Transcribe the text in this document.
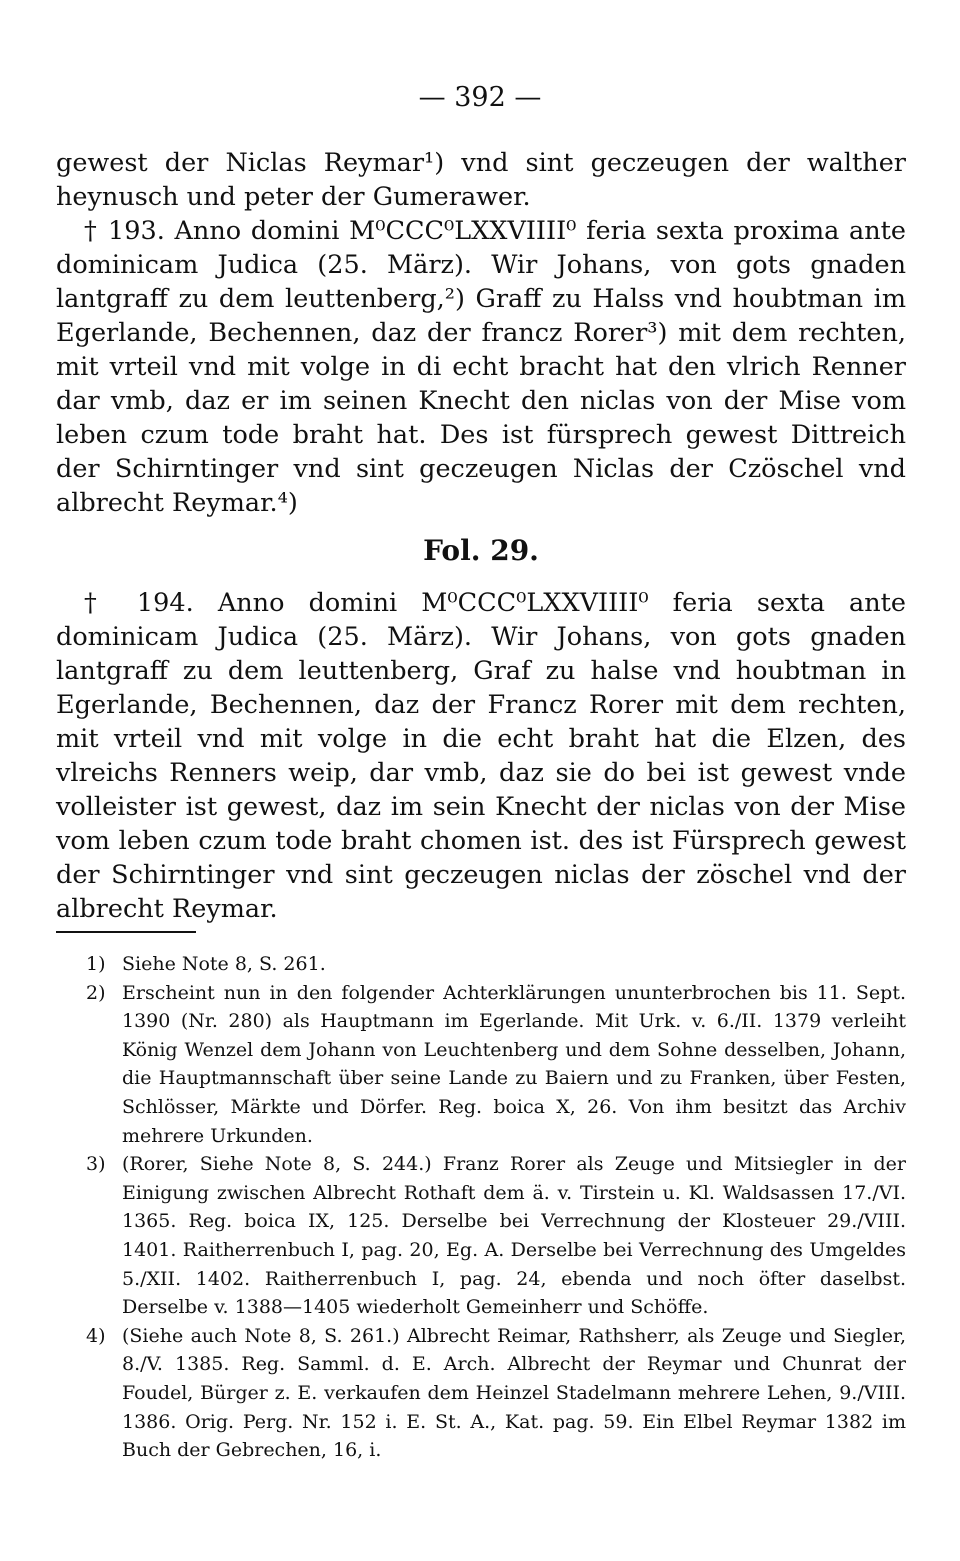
— 392 —

gewest der Niclas Reymar¹) vnd sint geczeugen der walther heynusch und peter der Gumerawer.

† 193. Anno domini M⁰CCC⁰LXXVIIII⁰ feria sexta proxima ante dominicam Judica (25. März). Wir Johans, von gots gnaden lantgraff zu dem leuttenberg,²) Graff zu Halss vnd houbtman im Egerlande, Bechennen, daz der francz Rorer³) mit dem rechten, mit vrteil vnd mit volge in di echt bracht hat den vlrich Renner dar vmb, daz er im seinen Knecht den niclas von der Mise vom leben czum tode braht hat. Des ist fürsprech gewest Dittreich der Schirntinger vnd sint geczeugen Niclas der Czöschel vnd albrecht Reymar.⁴)

Fol. 29.

† 194. Anno domini M⁰CCC⁰LXXVIIII⁰ feria sexta ante dominicam Judica (25. März). Wir Johans, von gots gnaden lantgraff zu dem leuttenberg, Graf zu halse vnd houbtman in Egerlande, Bechennen, daz der Francz Rorer mit dem rechten, mit vrteil vnd mit volge in die echt braht hat die Elzen, des vlreichs Renners weip, dar vmb, daz sie do bei ist gewest vnde volleister ist gewest, daz im sein Knecht der niclas von der Mise vom leben czum tode braht chomen ist. des ist Fürsprech gewest der Schirntinger vnd sint geczeugen niclas der zöschel vnd der albrecht Reymar.

1) Siehe Note 8, S. 261.

2) Erscheint nun in den folgender Achterklärungen ununterbrochen bis 11. Sept. 1390 (Nr. 280) als Hauptmann im Egerlande. Mit Urk. v. 6./II. 1379 verleiht König Wenzel dem Johann von Leuchtenberg und dem Sohne desselben, Johann, die Hauptmannschaft über seine Lande zu Baiern und zu Franken, über Festen, Schlösser, Märkte und Dörfer. Reg. boica X, 26. Von ihm besitzt das Archiv mehrere Urkunden.

3) (Rorer, Siehe Note 8, S. 244.) Franz Rorer als Zeuge und Mitsiegler in der Einigung zwischen Albrecht Rothaft dem ä. v. Tirstein u. Kl. Waldsassen 17./VI. 1365. Reg. boica IX, 125. Derselbe bei Verrechnung der Klosteuer 29./VIII. 1401. Raitherrenbuch I, pag. 20, Eg. A. Derselbe bei Verrechnung des Umgeldes 5./XII. 1402. Raitherrenbuch I, pag. 24, ebenda und noch öfter daselbst. Derselbe v. 1388—1405 wiederholt Gemeinherr und Schöffe.

4) (Siehe auch Note 8, S. 261.) Albrecht Reimar, Rathsherr, als Zeuge und Siegler, 8./V. 1385. Reg. Samml. d. E. Arch. Albrecht der Reymar und Chunrat der Foudel, Bürger z. E. verkaufen dem Heinzel Stadelmann mehrere Lehen, 9./VIII. 1386. Orig. Perg. Nr. 152 i. E. St. A., Kat. pag. 59. Ein Elbel Reymar 1382 im Buch der Gebrechen, 16, i.
